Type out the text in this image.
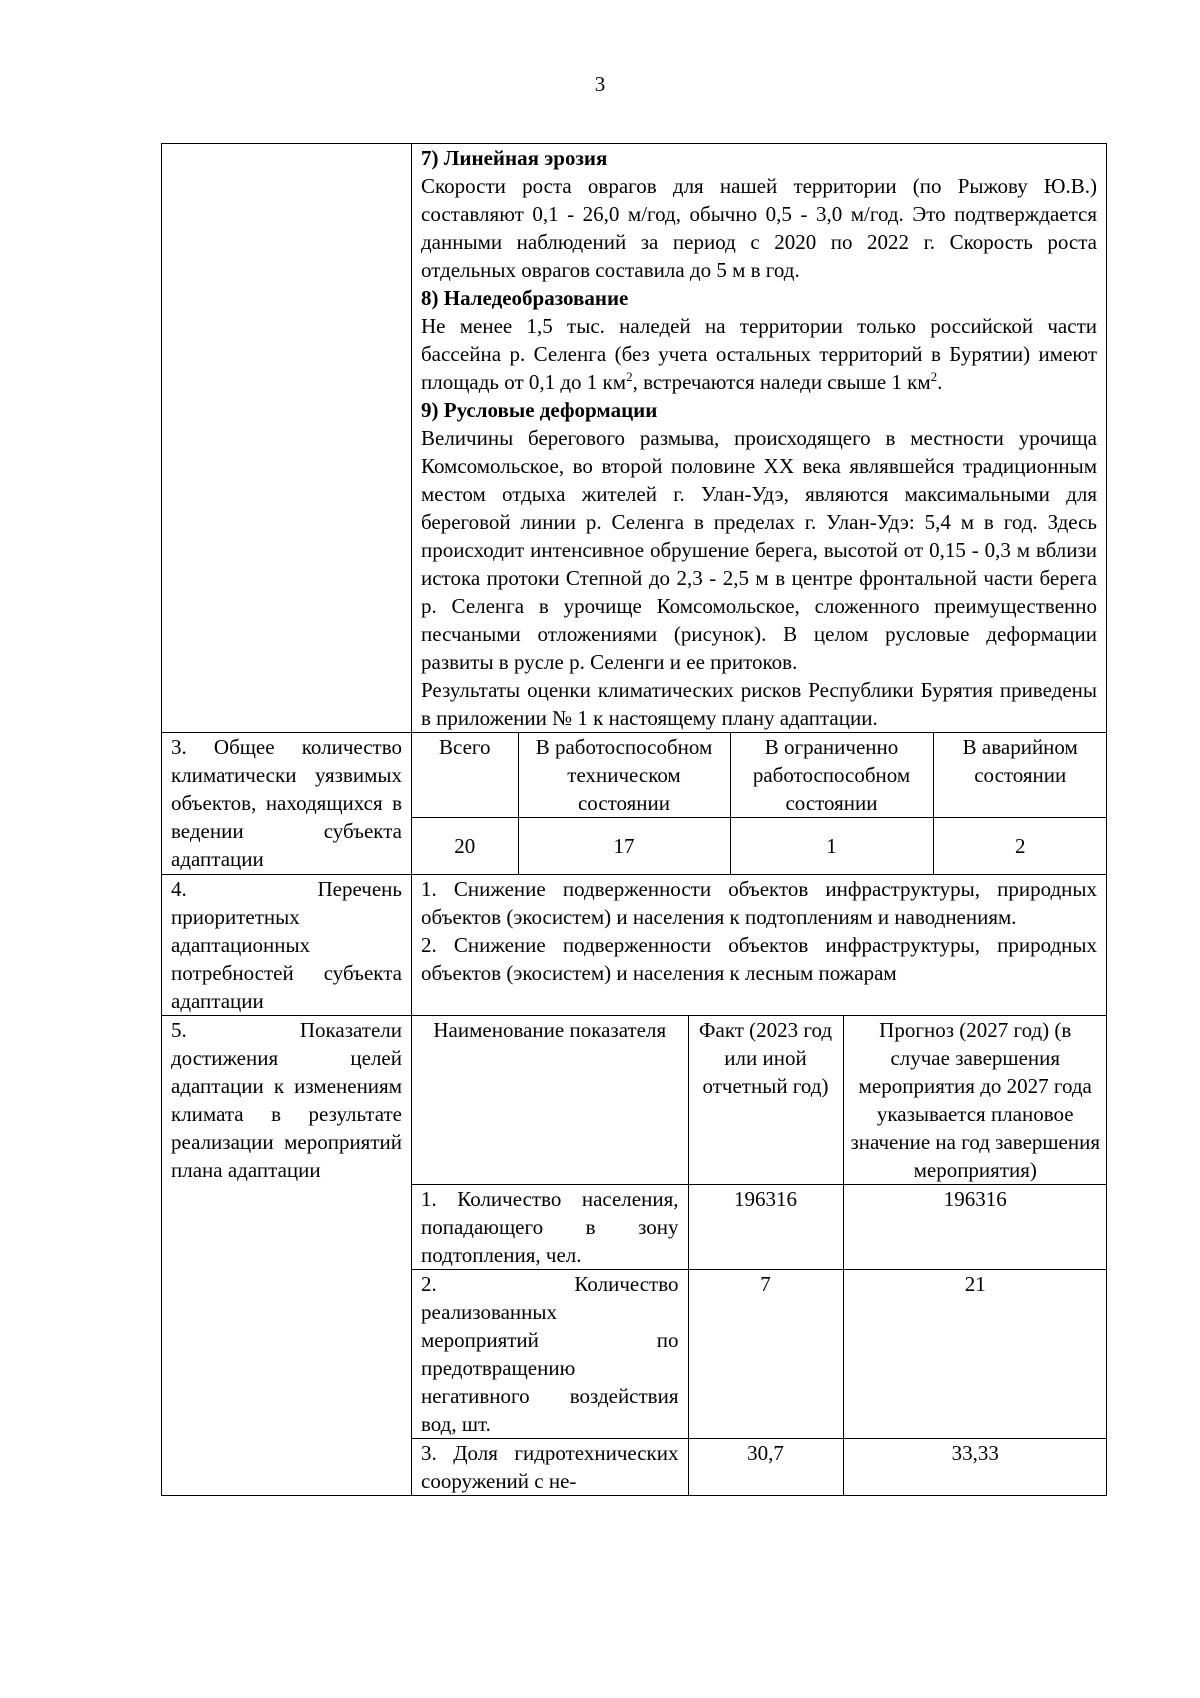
3

7) Линейная эрозия

Скорости роста оврагов для нашей территории (по Рыжову Ю.В.) составляют 0,1 - 26,0 м/год, обычно 0,5 - 3,0 м/год. Это подтверждается данными наблюдений за период с 2020 по 2022 г. Скорость роста отдельных оврагов составила до 5 м в год.

8) Наледеобразование

Не менее 1,5 тыс. наледей на территории только российской части бассейна р. Селенга (без учета остальных территорий в Бурятии) имеют площадь от 0,1 до 1 $км^2$, встречаются наледи свыше 1 $км^2$.

9) Русловые деформации

Величины берегового размыва, происходящего в местности урочища Комсомольское, во второй половине XX века являвшейся традиционным местом отдыха жителей г. Улан-Удэ, являются максимальными для береговой линии р. Селенга в пределах г. Улан-Удэ: 5,4 м в год. Здесь происходит интенсивное обрушение берега, высотой от 0,15 - 0,3 м вблизи истока протоки Степной до 2,3 - 2,5 м в центре фронтальной части берега р. Селенга в урочище Комсомольское, сложенного преимущественно песчаными отложениями (рисунок). В целом русловые деформации развиты в русле р. Селенги и ее притоков.

Результаты оценки климатических рисков Республики Бурятия приведены в приложении № 1 к настоящему плану адаптации.

3. Общее количество климатически уязвимых объектов, находящихся в ведении субъекта адаптации	
Всего	В работоспособном техническом состоянии	В ограниченно работоспособном состоянии	В аварийном состоянии
20	17	1	2

4. Перечень приоритетных адаптационных потребностей субъекта адаптации	

1. Снижение подверженности объектов инфраструктуры, природных объектов (экосистем) и населения к подтоплениям и наводнениям.

2. Снижение подверженности объектов инфраструктуры, природных объектов (экосистем) и населения к лесным пожарам

5. Показатели достижения целей адаптации к изменениям климата в результате реализации мероприятий плана адаптации	
Наименование показателя	Факт (2023 год или иной отчетный год)	Прогноз (2027 год) (в случае завершения мероприятия до 2027 года указывается плановое значение на год завершения мероприятия)
1. Количество населения, попадающего в зону подтопления, чел.	196316	196316
2. Количество реализованных мероприятий по предотвращению негативного воздействия вод, шт.	7	21
3. Доля гидротехнических сооружений с не-	30,7	33,33
